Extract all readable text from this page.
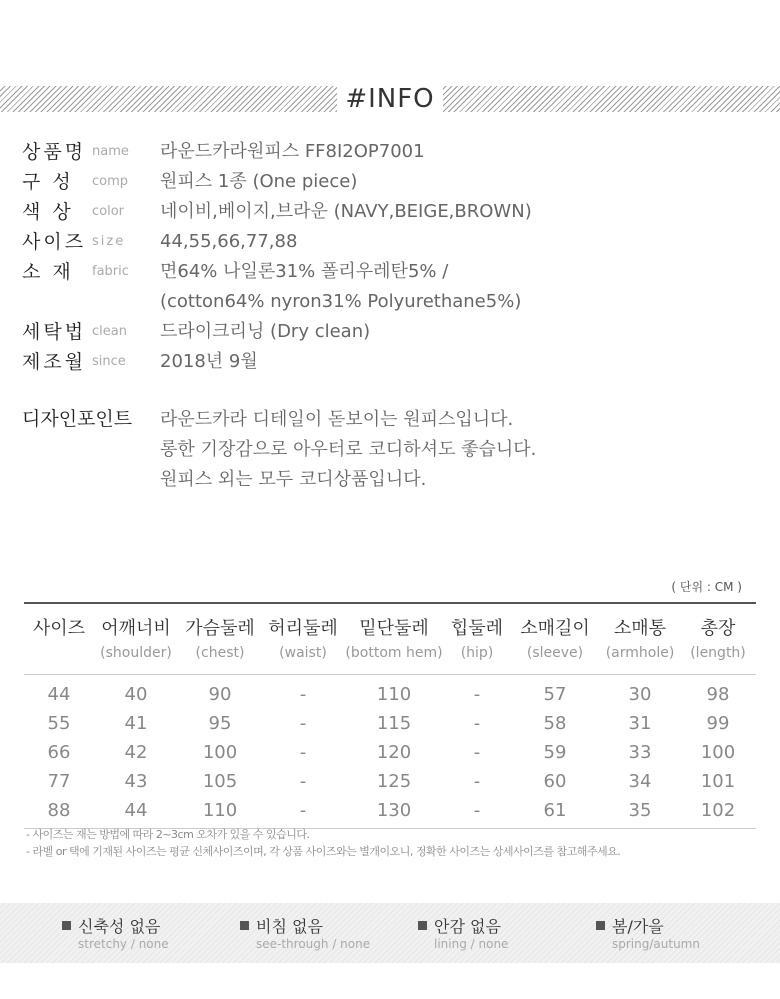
#INFO
상품명 name 라운드카라원피스 FF8I2OP7001
구 성	comp 원피스 1종 (One piece)
색 상	color 네이비,베이지,브라운 (NAVY,BEIGE,BROWN)
사이즈 size 44,55,66,77,88
소 재	fabric 면64% 나일론31% 폴리우레탄5% /
(cotton64% nyron31% Polyurethane5%)
세탁법 clean 드라이크리닝 (Dry clean)
제조월 since 2018년 9월
디자인포인트 라운드카라 디테일이 돋보이는 원피스입니다.
롱한 기장감으로 아우터로 코디하셔도 좋습니다.
원피스 외는 모두 코디상품입니다.
( 단위 : CM )
사이즈	어깨너비	가슴둘레	허리둘레	밑단둘레	힙둘레	소매길이	소매통	총장
	(shoulder)	(chest)	(waist)	(bottom hem)	(hip)	(sleeve)	(armhole)	(length)
44	40	90	-	110	-	57	30	98
55	41	95	-	115	-	58	31	99
66	42	100	-	120	-	59	33	100
77	43	105	-	125	-	60	34	101
88	44	110	-	130	-	61	35	102
- 사이즈는 재는 방법에 따라 2~3cm 오차가 있을 수 있습니다.
- 라벨 or 택에 기재된 사이즈는 평균 신체사이즈이며, 각 상품 사이즈와는 별개이오니, 정확한 사이즈는 상세사이즈를 참고해주세요.
신축성 없음
stretchy / none
비침 없음
see-through / none
안감 없음
lining / none
봄/가을
spring/autumn
